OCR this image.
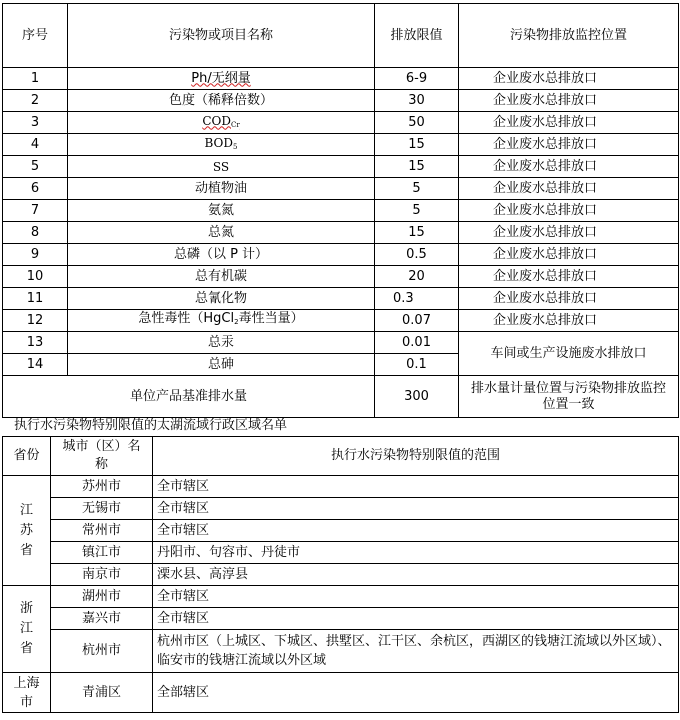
序号	污染物或项目名称	排放限值	污染物排放监控位置
1	Ph/无纲量	6-9	企业废水总排放口
2	色度（稀释倍数）	30	企业废水总排放口
3	$COD_{Cr}$	50	企业废水总排放口
4	$BOD_5$	15	企业废水总排放口
5	SS	15	企业废水总排放口
6	动植物油	5	企业废水总排放口
7	氨氮	5	企业废水总排放口
8	总氮	15	企业废水总排放口
9	总磷（以 P 计）	0.5	企业废水总排放口
10	总有机碳	20	企业废水总排放口
11	总氰化物	0.3	企业废水总排放口
12	急性毒性（HgCl$_2$毒性当量）	0.07	企业废水总排放口
13	总汞	0.01	车间或生产设施废水排放口
14	总砷	0.1	
单位产品基准排水量		300	排水量计量位置与污染物排放监控位置一致
执行水污染物特别限值的太湖流域行政区域名单
省份	城市（区）名称	执行水污染物特别限值的范围
江苏省	苏州市	全市辖区
	无锡市	全市辖区
	常州市	全市辖区
	镇江市	丹阳市、句容市、丹徒市
	南京市	溧水县、高淳县
浙江省	湖州市	全市辖区
	嘉兴市	全市辖区
	杭州市	杭州市区（上城区、下城区、拱墅区、江干区、余杭区，西湖区的钱塘江流域以外区域）、临安市的钱塘江流域以外区域
上海市	青浦区	全部辖区
